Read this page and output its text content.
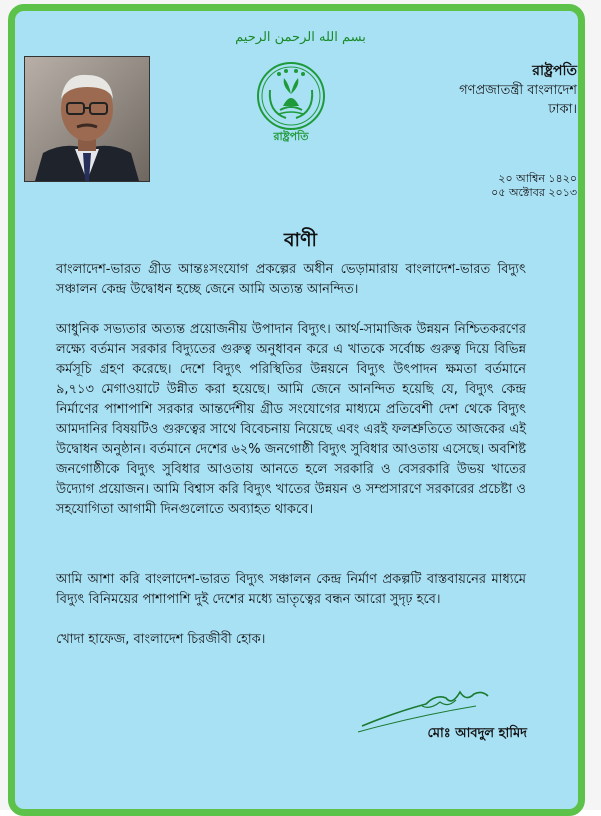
بسم الله الرحمن الرحيم
রাষ্ট্রপতি
রাষ্ট্রপতি
গণপ্রজাতন্ত্রী বাংলাদেশ
ঢাকা।
২০ আশ্বিন ১৪২০
০৫ অক্টোবর ২০১৩
বাণী
বাংলাদেশ-ভারত গ্রীড আন্তঃসংযোগ প্রকল্পের অধীন ভেড়ামারায় বাংলাদেশ-ভারত বিদ্যুৎ সঞ্চালন কেন্দ্র উদ্বোধন হচ্ছে জেনে আমি অত্যন্ত আনন্দিত।
আধুনিক সভ্যতার অত্যন্ত প্রয়োজনীয় উপাদান বিদ্যুৎ। আর্থ-সামাজিক উন্নয়ন নিশ্চিতকরণের লক্ষ্যে বর্তমান সরকার বিদ্যুতের গুরুত্ব অনুধাবন করে এ খাতকে সর্বোচ্চ গুরুত্ব দিয়ে বিভিন্ন কর্মসূচি গ্রহণ করেছে। দেশে বিদ্যুৎ পরিস্থিতির উন্নয়নে বিদ্যুৎ উৎপাদন ক্ষমতা বর্তমানে ৯,৭১৩ মেগাওয়াটে উন্নীত করা হয়েছে। আমি জেনে আনন্দিত হয়েছি যে, বিদ্যুৎ কেন্দ্র নির্মাণের পাশাপাশি সরকার আন্তর্দেশীয় গ্রীড সংযোগের মাধ্যমে প্রতিবেশী দেশ থেকে বিদ্যুৎ আমদানির বিষয়টিও গুরুত্বের সাথে বিবেচনায় নিয়েছে এবং এরই ফলশ্রুতিতে আজকের এই উদ্বোধন অনুষ্ঠান। বর্তমানে দেশের ৬২% জনগোষ্ঠী বিদ্যুৎ সুবিধার আওতায় এসেছে। অবশিষ্ট জনগোষ্ঠীকে বিদ্যুৎ সুবিধার আওতায় আনতে হলে সরকারি ও বেসরকারি উভয় খাতের উদ্যোগ প্রয়োজন। আমি বিশ্বাস করি বিদ্যুৎ খাতের উন্নয়ন ও সম্প্রসারণে সরকারের প্রচেষ্টা ও সহযোগিতা আগামী দিনগুলোতে অব্যাহত থাকবে।
আমি আশা করি বাংলাদেশ-ভারত বিদ্যুৎ সঞ্চালন কেন্দ্র নির্মাণ প্রকল্পটি বাস্তবায়নের মাধ্যমে বিদ্যুৎ বিনিময়ের পাশাপাশি দুই দেশের মধ্যে ভ্রাতৃত্বের বন্ধন আরো সুদৃঢ় হবে।
খোদা হাফেজ, বাংলাদেশ চিরজীবী হোক।
মোঃ আবদুল হামিদ
